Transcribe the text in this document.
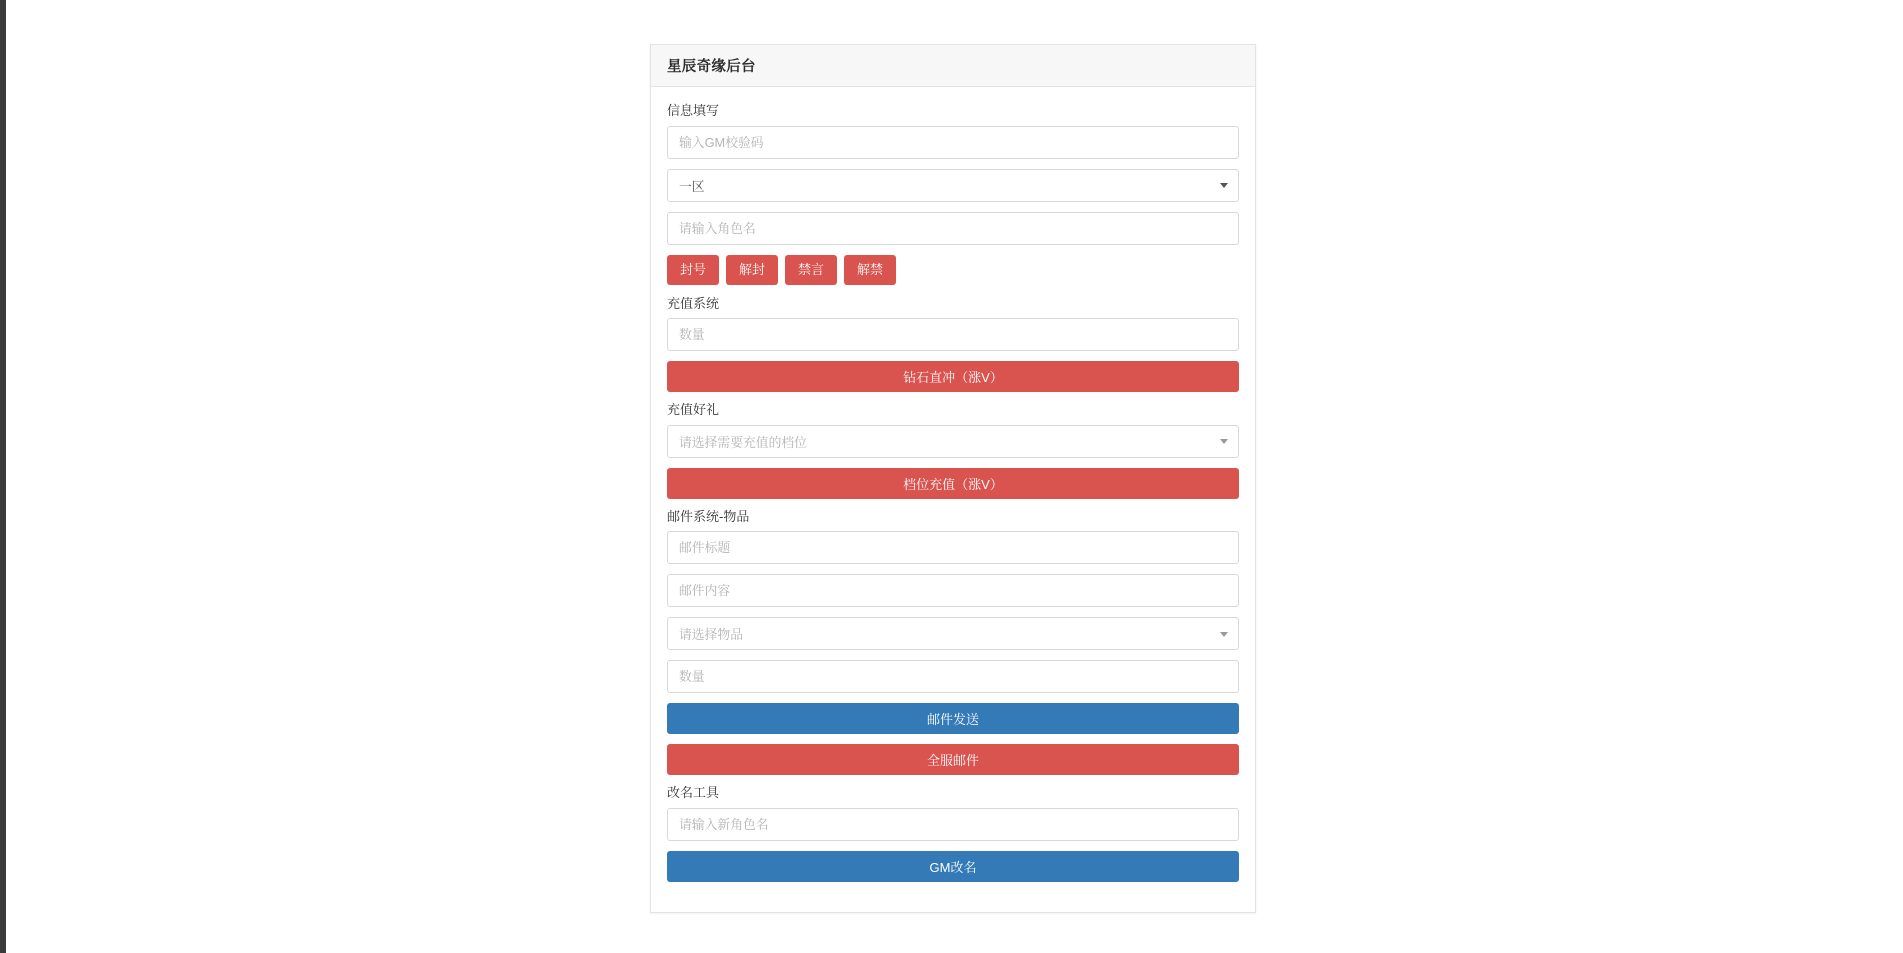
星辰奇缘后台
信息填写
输入GM校验码
一区
请输入角色名
封号	解封	禁言	解禁
充值系统
数量
钻石直冲（涨V）
充值好礼
请选择需要充值的档位
档位充值（涨V）
邮件系统-物品
邮件标题
邮件内容
请选择物品
数量
邮件发送
全服邮件
改名工具
请输入新角色名
GM改名
